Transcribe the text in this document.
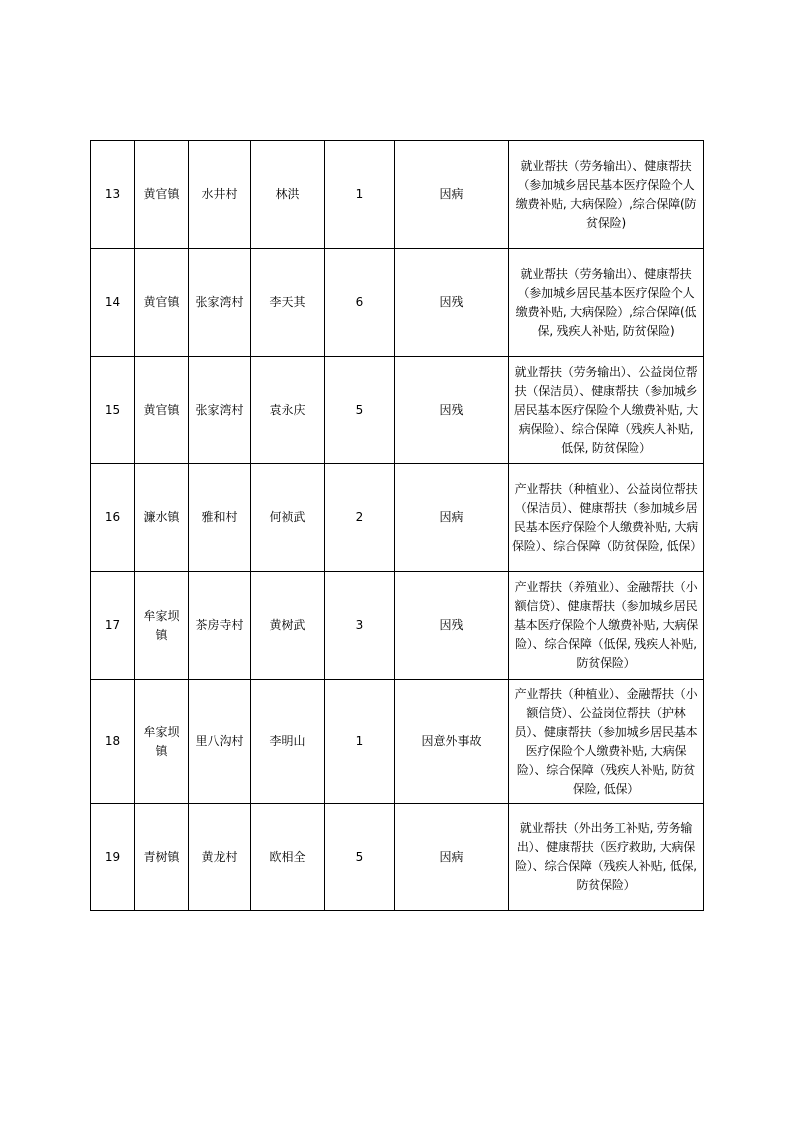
13	黄官镇	水井村	林洪	1	因病	就业帮扶（劳务输出）、健康帮扶（参加城乡居民基本医疗保险个人缴费补贴, 大病保险）,综合保障(防贫保险)
14	黄官镇	张家湾村	李天其	6	因残	就业帮扶（劳务输出）、健康帮扶（参加城乡居民基本医疗保险个人缴费补贴, 大病保险）,综合保障(低保, 残疾人补贴, 防贫保险)
15	黄官镇	张家湾村	袁永庆	5	因残	就业帮扶（劳务输出）、公益岗位帮扶（保洁员）、健康帮扶（参加城乡居民基本医疗保险个人缴费补贴, 大病保险）、综合保障（残疾人补贴, 低保, 防贫保险）
16	濂水镇	雅和村	何祯武	2	因病	产业帮扶（种植业）、公益岗位帮扶（保洁员）、健康帮扶（参加城乡居民基本医疗保险个人缴费补贴, 大病保险）、综合保障（防贫保险, 低保）
17	牟家坝镇	茶房寺村	黄树武	3	因残	产业帮扶（养殖业）、金融帮扶（小额信贷）、健康帮扶（参加城乡居民基本医疗保险个人缴费补贴, 大病保险）、综合保障（低保, 残疾人补贴, 防贫保险）
18	牟家坝镇	里八沟村	李明山	1	因意外事故	产业帮扶（种植业）、金融帮扶（小额信贷）、公益岗位帮扶（护林员）、健康帮扶（参加城乡居民基本医疗保险个人缴费补贴, 大病保险）、综合保障（残疾人补贴, 防贫保险, 低保）
19	青树镇	黄龙村	欧相全	5	因病	就业帮扶（外出务工补贴, 劳务输出）、健康帮扶（医疗救助, 大病保险）、综合保障（残疾人补贴, 低保, 防贫保险）
